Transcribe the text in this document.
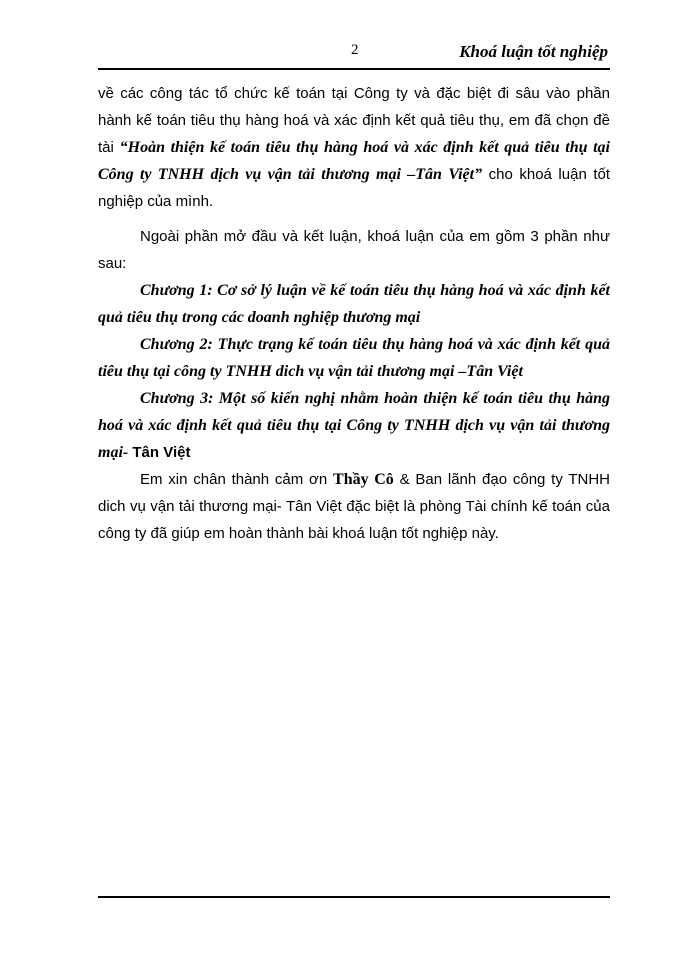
2	Khoá luận tốt nghiệp

về các công tác tổ chức kế toán tại Công ty và đặc biệt đi sâu vào phần hành kế toán tiêu thụ hàng hoá và xác định kết quả tiêu thụ, em đã chọn đề tài “Hoàn thiện kế toán tiêu thụ hàng hoá và xác định kết quả tiêu thụ tại Công ty TNHH dịch vụ vận tải thương mại –Tân Việt” cho khoá luận tốt nghiệp của mình.

Ngoài phần mở đầu và kết luận, khoá luận của em gồm 3 phần như sau:

Chương 1: Cơ sở lý luận về kế toán tiêu thụ hàng hoá và xác định kết quả tiêu thụ trong các doanh nghiệp thương mại

Chương 2: Thực trạng kế toán tiêu thụ hàng hoá và xác định kết quả tiêu thụ tại công ty TNHH dich vụ vận tải thương mại –Tân Việt

Chương 3: Một số kiến nghị nhằm hoàn thiện kế toán tiêu thụ hàng hoá và xác định kết quả tiêu thụ tại Công ty TNHH dịch vụ vận tải thương mại- Tân Việt

Em xin chân thành cảm ơn Thầy Cô & Ban lãnh đạo công ty TNHH dich vụ vận tải thương mại- Tân Việt đặc biệt là phòng Tài chính kế toán của công ty đã giúp em hoàn thành bài khoá luận tốt nghiệp này.
